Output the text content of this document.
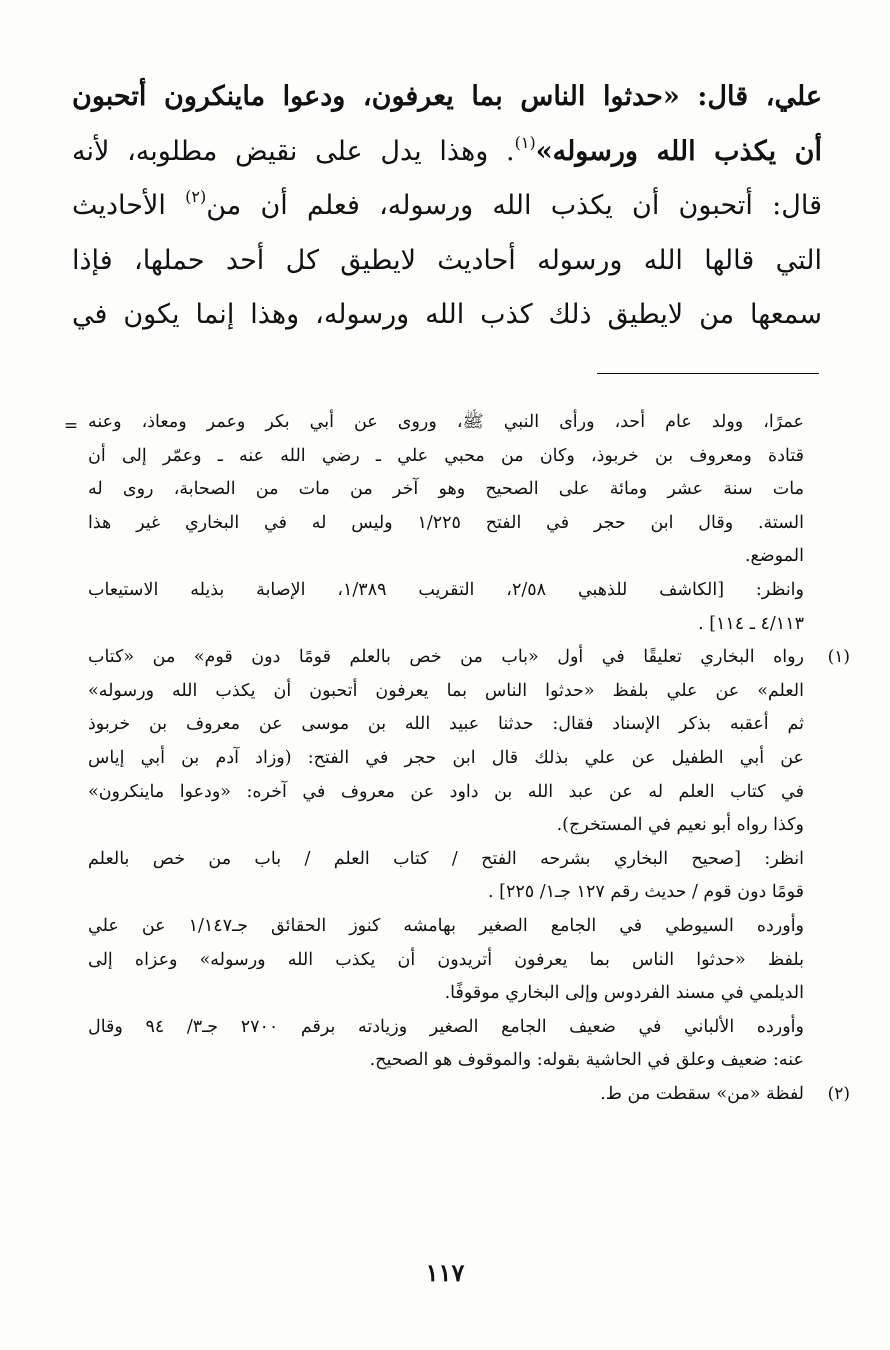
علي، قال: «حدثوا الناس بما يعرفون، ودعوا ماينكرون أتحبون
أن يكذب الله ورسوله»$^{(١)}$. وهذا يدل على نقيض مطلوبه، لأنه
قال: أتحبون أن يكذب الله ورسوله، فعلم أن من$^{(٢)}$ الأحاديث
التي قالها الله ورسوله أحاديث لايطيق كل أحد حملها، فإذا
سمعها من لايطيق ذلك كذب الله ورسوله، وهذا إنما يكون في
= عمرًا، وولد عام أحد، ورأى النبي ﷺ، وروى عن أبي بكر وعمر ومعاذ، وعنه
قتادة ومعروف بن خربوذ، وكان من محبي علي ـ رضي الله عنه ـ وعمّر إلى أن
مات سنة عشر ومائة على الصحيح وهو آخر من مات من الصحابة، روى له
الستة. وقال ابن حجر في الفتح ١/٢٢٥ وليس له في البخاري غير هذا
الموضع.
وانظر: [الكاشف للذهبي ٢/٥٨، التقريب ١/٣٨٩، الإصابة بذيله الاستيعاب
٤/١١٣ ـ ١١٤] .
(١)
رواه البخاري تعليقًا في أول «باب من خص بالعلم قومًا دون قوم» من «كتاب
العلم» عن علي بلفظ «حدثوا الناس بما يعرفون أتحبون أن يكذب الله ورسوله»
ثم أعقبه بذكر الإسناد فقال: حدثنا عبيد الله بن موسى عن معروف بن خربوذ
عن أبي الطفيل عن علي بذلك قال ابن حجر في الفتح: (وزاد آدم بن أبي إياس
في كتاب العلم له عن عبد الله بن داود عن معروف في آخره: «ودعوا ماينكرون»
وكذا رواه أبو نعيم في المستخرج).
انظر: [صحيح البخاري بشرحه الفتح / كتاب العلم / باب من خص بالعلم
قومًا دون قوم / حديث رقم ١٢٧ جـ١/ ٢٢٥] .
وأورده السيوطي في الجامع الصغير بهامشه كنوز الحقائق جـ١/١٤٧ عن علي
بلفظ «حدثوا الناس بما يعرفون أتريدون أن يكذب الله ورسوله» وعزاه إلى
الديلمي في مسند الفردوس وإلى البخاري موقوفًا.
وأورده الألباني في ضعيف الجامع الصغير وزيادته برقم ٢٧٠٠ جـ٣/ ٩٤ وقال
عنه: ضعيف وعلق في الحاشية بقوله: والموقوف هو الصحيح.
(٢)
لفظة «من» سقطت من ط.
١١٧
